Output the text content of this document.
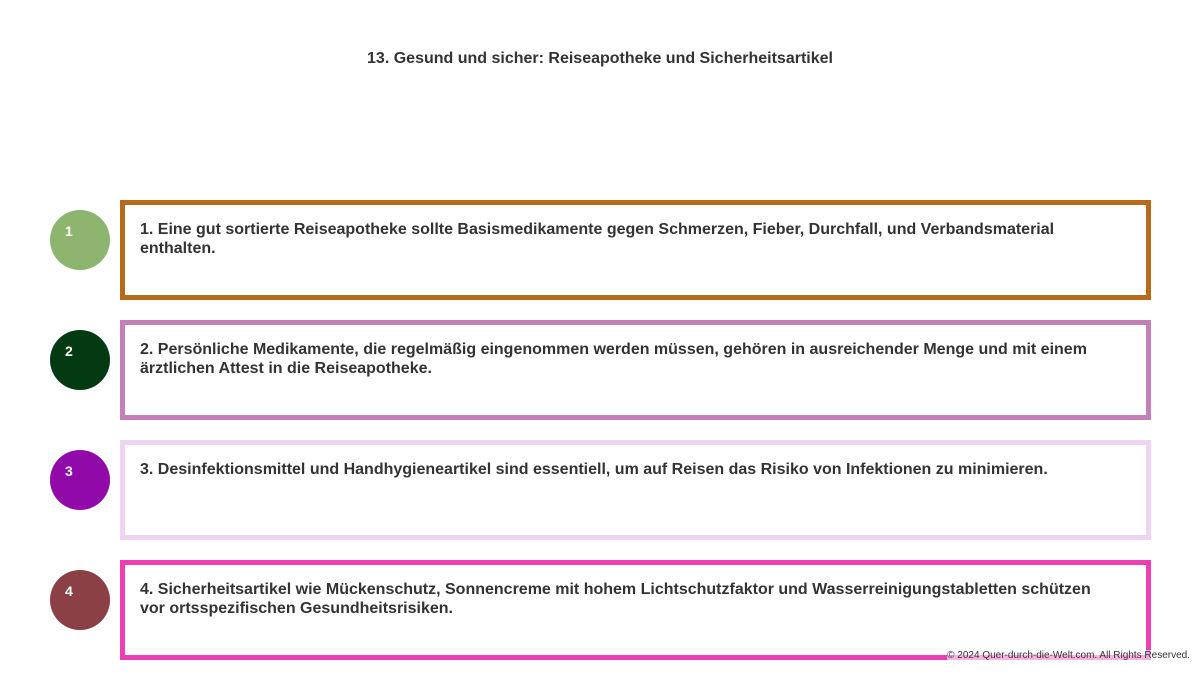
13. Gesund und sicher: Reiseapotheke und Sicherheitsartikel
1	1. Eine gut sortierte Reiseapotheke sollte Basismedikamente gegen Schmerzen, Fieber, Durchfall, und Verbandsmaterial enthalten.
2	2. Persönliche Medikamente, die regelmäßig eingenommen werden müssen, gehören in ausreichender Menge und mit einem ärztlichen Attest in die Reiseapotheke.
3	3. Desinfektionsmittel und Handhygieneartikel sind essentiell, um auf Reisen das Risiko von Infektionen zu minimieren.
4	4. Sicherheitsartikel wie Mückenschutz, Sonnencreme mit hohem Lichtschutzfaktor und Wasserreinigungstabletten schützen vor ortsspezifischen Gesundheitsrisiken.
© 2024 Quer-durch-die-Welt.com. All Rights Reserved.
